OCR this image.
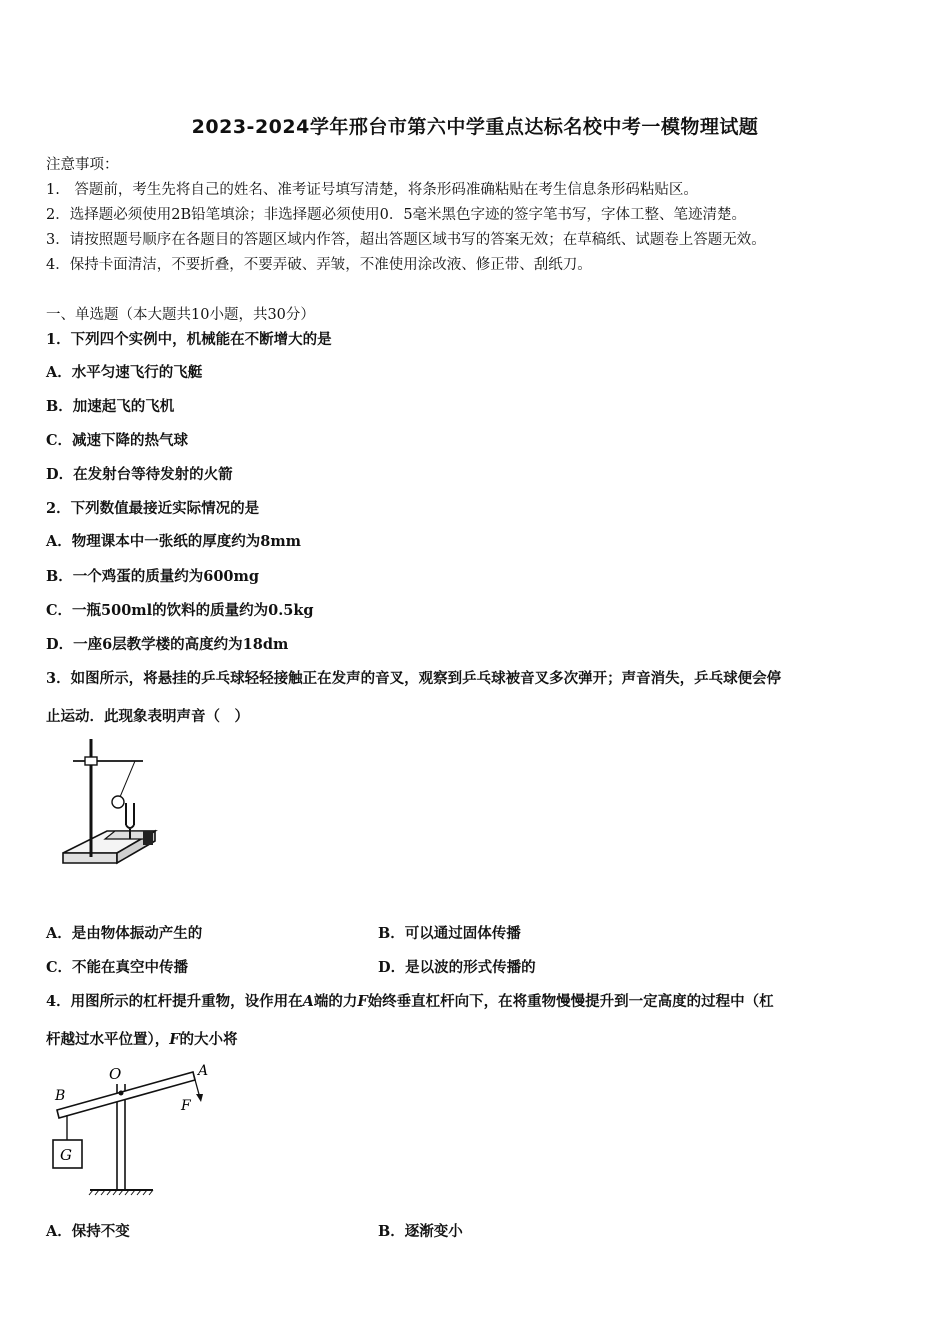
2023-2024学年邢台市第六中学重点达标名校中考一模物理试题
注意事项：
1.　答题前，考生先将自己的姓名、准考证号填写清楚，将条形码准确粘贴在考生信息条形码粘贴区。
2．选择题必须使用2B铅笔填涂；非选择题必须使用0．5毫米黑色字迹的签字笔书写，字体工整、笔迹清楚。
3．请按照题号顺序在各题目的答题区域内作答，超出答题区域书写的答案无效；在草稿纸、试题卷上答题无效。
4．保持卡面清洁，不要折叠，不要弄破、弄皱，不准使用涂改液、修正带、刮纸刀。
一、单选题（本大题共10小题，共30分）
1．下列四个实例中，机械能在不断增大的是
A．水平匀速飞行的飞艇
B．加速起飞的飞机
C．减速下降的热气球
D．在发射台等待发射的火箭
2．下列数值最接近实际情况的是
A．物理课本中一张纸的厚度约为8mm
B．一个鸡蛋的质量约为600mg
C．一瓶500ml的饮料的质量约为0.5kg
D．一座6层教学楼的高度约为18dm
3．如图所示，将悬挂的乒乓球轻轻接触正在发声的音叉，观察到乒乓球被音叉多次弹开；声音消失，乒乓球便会停
止运动．此现象表明声音（　）
A．是由物体振动产生的	B．可以通过固体传播
C．不能在真空中传播	D．是以波的形式传播的
4．用图所示的杠杆提升重物，设作用在A端的力F始终垂直杠杆向下，在将重物慢慢提升到一定高度的过程中（杠
杆越过水平位置），F的大小将
O	A
B
F
G
A．保持不变	B．逐渐变小
